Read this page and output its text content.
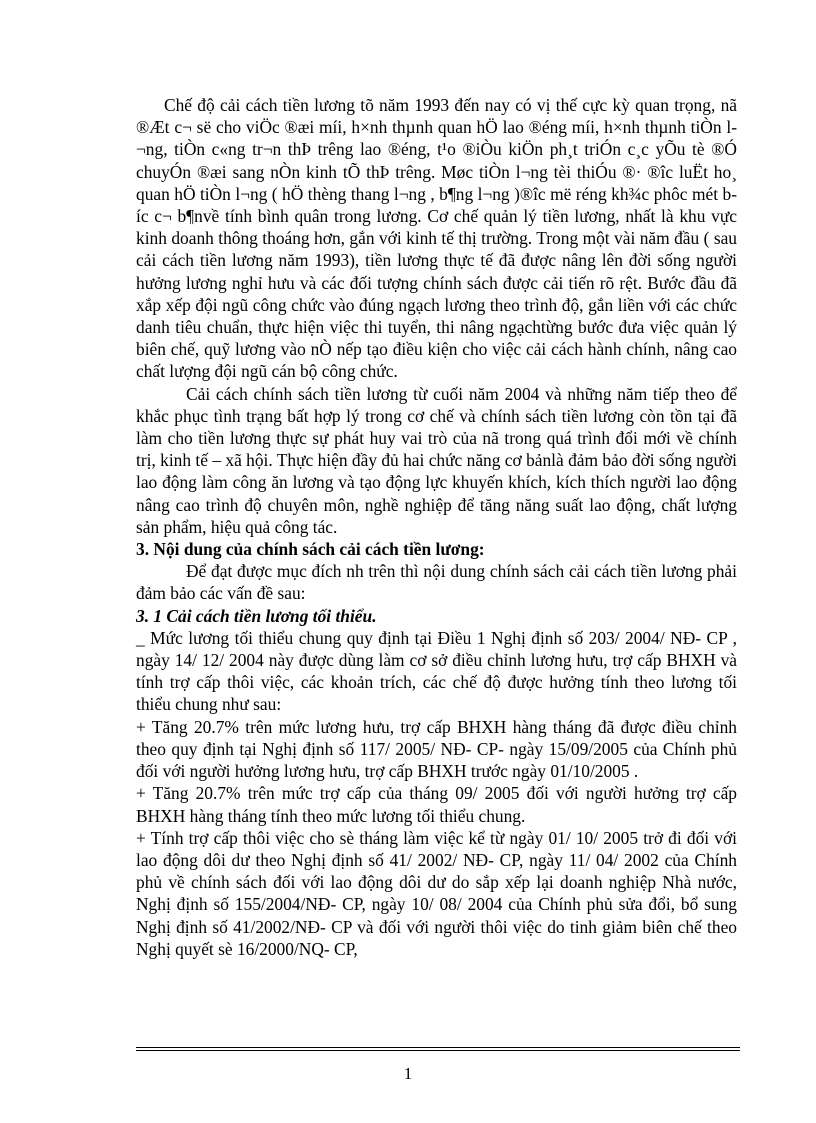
Chế độ cải cách tiền lương tõ năm 1993 đến nay có vị thế cực kỳ quan trọng, nã ®Æt c¬ së cho viÖc ®æi míi, h×nh thµnh quan hÖ lao ®éng míi, h×nh thµnh tiÒn l¬ng, tiÒn c«ng tr¬n thÞ trêng lao ®éng, t¹o ®iÒu kiÖn ph¸t triÓn c¸c yÕu tè ®Ó chuyÓn ®æi sang nÒn kinh tÕ thÞ trêng. Møc tiÒn l¬ng tèi thiÓu ®· ®îc luËt ho¸ quan hÖ tiÒn l¬ng ( hÖ thèng thang l¬ng , b¶ng l¬ng )®îc më réng kh¾c phôc mét bíc c¬ b¶nvề tính bình quân trong lương. Cơ chế quản lý tiền lương, nhất là khu vực kinh doanh thông thoáng hơn, gắn với kinh tế thị trường. Trong một vài năm đầu ( sau cải cách tiền lương năm 1993), tiền lương thực tế đã được nâng lên đời sống người hưởng lương nghỉ hưu và các đối tượng chính sách được cải tiến rõ rệt. Bước đầu đã xắp xếp đội ngũ công chức vào đúng ngạch lương theo trình độ, gắn liền với các chức danh tiêu chuẩn, thực hiện việc thi tuyển, thi nâng ngạchtừng bước đưa việc quản lý biên chế, quỹ lương vào nÒ nếp tạo điều kiện cho việc cải cách hành chính, nâng cao chất lượng đội ngũ cán bộ công chức.

Cải cách chính sách tiền lương từ cuối năm 2004 và những năm tiếp theo để khắc phục tình trạng bất hợp lý trong cơ chế và chính sách tiền lương còn tồn tại đã làm cho tiền lương thực sự phát huy vai trò của nã trong quá trình đổi mới về chính trị, kinh tế – xã hội. Thực hiện đầy đủ hai chức năng cơ bảnlà đảm bảo đời sống người lao động làm công ăn lương và tạo động lực khuyến khích, kích thích người lao động nâng cao trình độ chuyên môn, nghề nghiệp để tăng năng suất lao động, chất lượng sản phẩm, hiệu quả công tác.

3. Nội dung của chính sách cải cách tiền lương:

Để đạt được mục đích nh trên thì nội dung chính sách cải cách tiền lương phải đảm bảo các vấn đề sau:

3. 1 Cải cách tiền lương tối thiểu.

_ Mức lương tối thiểu chung quy định tại Điều 1 Nghị định số 203/ 2004/ NĐ- CP , ngày 14/ 12/ 2004 này được dùng làm cơ sở điều chỉnh lương hưu, trợ cấp BHXH và tính trợ cấp thôi việc, các khoản trích, các chế độ được hưởng tính theo lương tối thiểu chung như sau:

+ Tăng 20.7% trên mức lương hưu, trợ cấp BHXH hàng tháng đã được điều chỉnh theo quy định tại Nghị định số 117/ 2005/ NĐ- CP- ngày 15/09/2005 của Chính phủ đối với người hưởng lương hưu, trợ cấp BHXH trước ngày 01/10/2005 .

+ Tăng 20.7% trên mức trợ cấp của tháng 09/ 2005 đối với người hưởng trợ cấp BHXH hàng tháng tính theo mức lương tối thiểu chung.

+ Tính trợ cấp thôi việc cho sè tháng làm việc kể từ ngày 01/ 10/ 2005 trở đi đối với lao động dôi dư theo Nghị định số 41/ 2002/ NĐ- CP, ngày 11/ 04/ 2002 của Chính phủ về chính sách đối với lao động dôi dư do sắp xếp lại doanh nghiệp Nhà nước, Nghị định số 155/2004/NĐ- CP, ngày 10/ 08/ 2004 của Chính phủ sửa đổi, bổ sung Nghị định số 41/2002/NĐ- CP và đối với người thôi việc do tinh giảm biên chế theo Nghị quyết sè 16/2000/NQ- CP,

1
